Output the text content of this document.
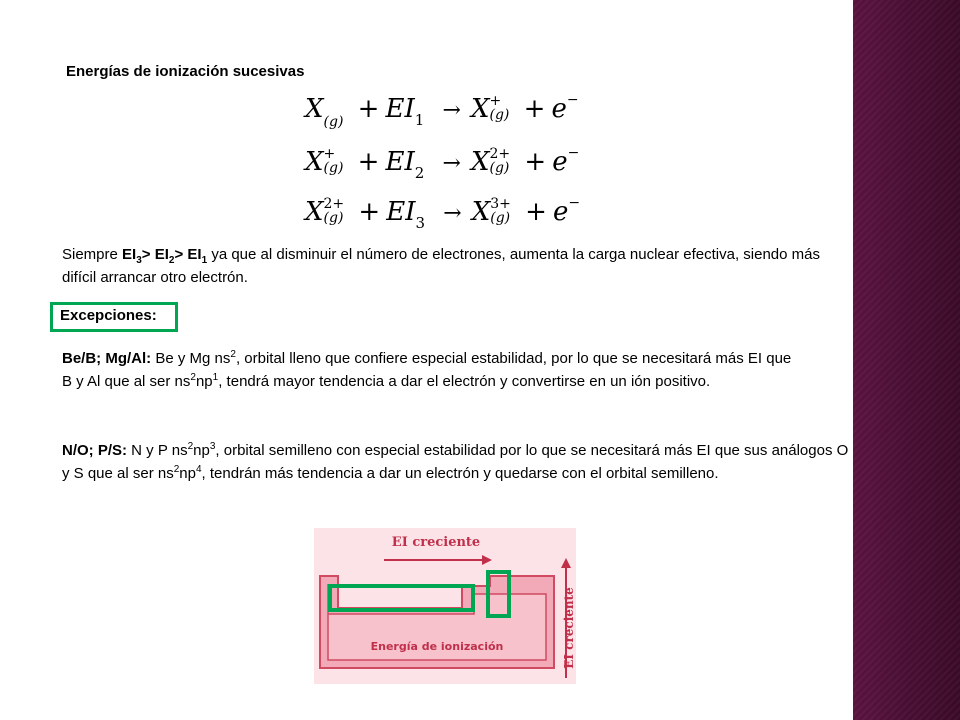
Energías de ionización sucesivas
$X_{(g)} + EI_1 \to X$ +
(g) + e−
X +
$(g) + EI_2 \to X$ 2+
(g) + e−
X 2+
$(g) + EI_3 \to X$ 3+
(g) + e−
Siempre $EI_3> EI_2> EI_1$ ya que al disminuir el número de electrones, aumenta la carga nuclear efectiva, siendo más difícil arrancar otro electrón.
Excepciones:
Be/B; Mg/Al: Be y Mg $ns^2$, orbital lleno que confiere especial estabilidad, por lo que se necesitará más EI que B y Al que al ser $ns^2np^1$, tendrá mayor tendencia a dar el electrón y convertirse en un ión positivo.
N/O; P/S: N y P $ns^2np^3$, orbital semilleno con especial estabilidad por lo que se necesitará más EI que sus análogos O y S que al ser $ns^2np^4$, tendrán más tendencia a dar un electrón y quedarse con el orbital semilleno.
EI creciente
Energía de ionización	EI creciente
